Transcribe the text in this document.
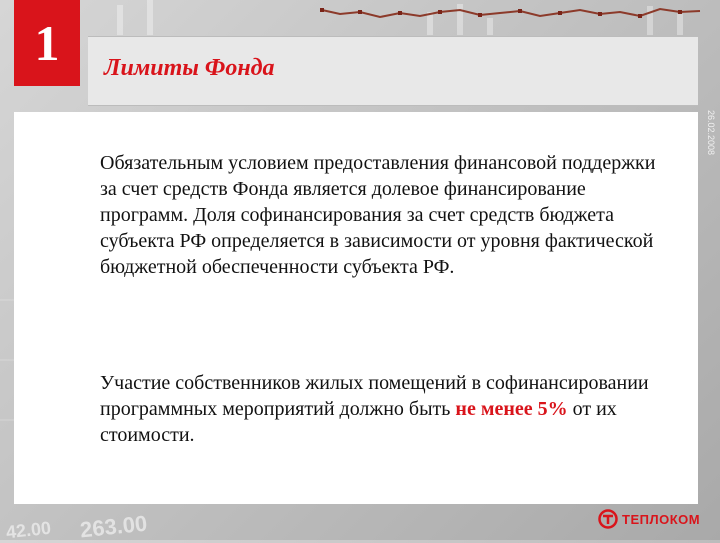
263.00
42.00
26.02.2008
1 Лимиты Фонда

Обязательным условием предоставления финансовой поддержки за счет средств Фонда является долевое финансирование программ. Доля софинансирования за счет средств бюджета субъекта РФ определяется в зависимости от уровня фактической бюджетной обеспеченности субъекта РФ.

Участие собственников жилых помещений в софинансировании программных мероприятий должно быть не менее 5% от их стоимости.

ТЕПЛОКОМ
